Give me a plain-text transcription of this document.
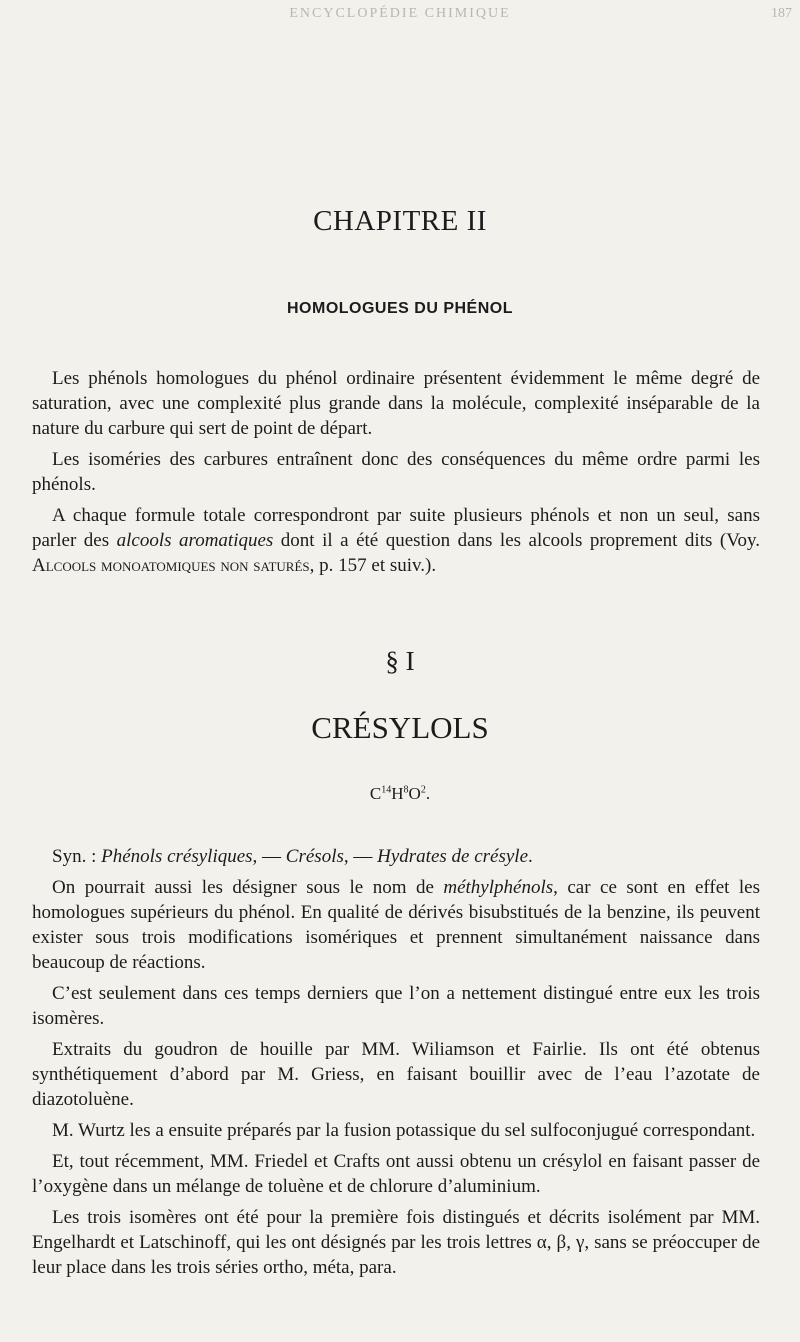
ENCYCLOPÉDIE CHIMIQUE	187
CHAPITRE II
HOMOLOGUES DU PHÉNOL

Les phénols homologues du phénol ordinaire présentent évidemment le même degré de saturation, avec une complexité plus grande dans la molécule, complexité inséparable de la nature du carbure qui sert de point de départ.

Les isoméries des carbures entraînent donc des conséquences du même ordre parmi les phénols.

A chaque formule totale correspondront par suite plusieurs phénols et non un seul, sans parler des alcools aromatiques dont il a été question dans les alcools proprement dits (Voy. Alcools monoatomiques non saturés, p. 157 et suiv.).

§ I
CRÉSYLOLS
$C^{14}H^8O^2$.

Syn. : Phénols crésyliques, — Crésols, — Hydrates de crésyle.

On pourrait aussi les désigner sous le nom de méthylphénols, car ce sont en effet les homologues supérieurs du phénol. En qualité de dérivés bisubstitués de la benzine, ils peuvent exister sous trois modifications isomériques et prennent simultanément naissance dans beaucoup de réactions.

C’est seulement dans ces temps derniers que l’on a nettement distingué entre eux les trois isomères.

Extraits du goudron de houille par MM. Wiliamson et Fairlie. Ils ont été obtenus synthétiquement d’abord par M. Griess, en faisant bouillir avec de l’eau l’azotate de diazotoluène.

M. Wurtz les a ensuite préparés par la fusion potassique du sel sulfoconjugué correspondant.

Et, tout récemment, MM. Friedel et Crafts ont aussi obtenu un crésylol en faisant passer de l’oxygène dans un mélange de toluène et de chlorure d’aluminium.

Les trois isomères ont été pour la première fois distingués et décrits isolément par MM. Engelhardt et Latschinoff, qui les ont désignés par les trois lettres α, β, γ, sans se préoccuper de leur place dans les trois séries ortho, méta, para.
